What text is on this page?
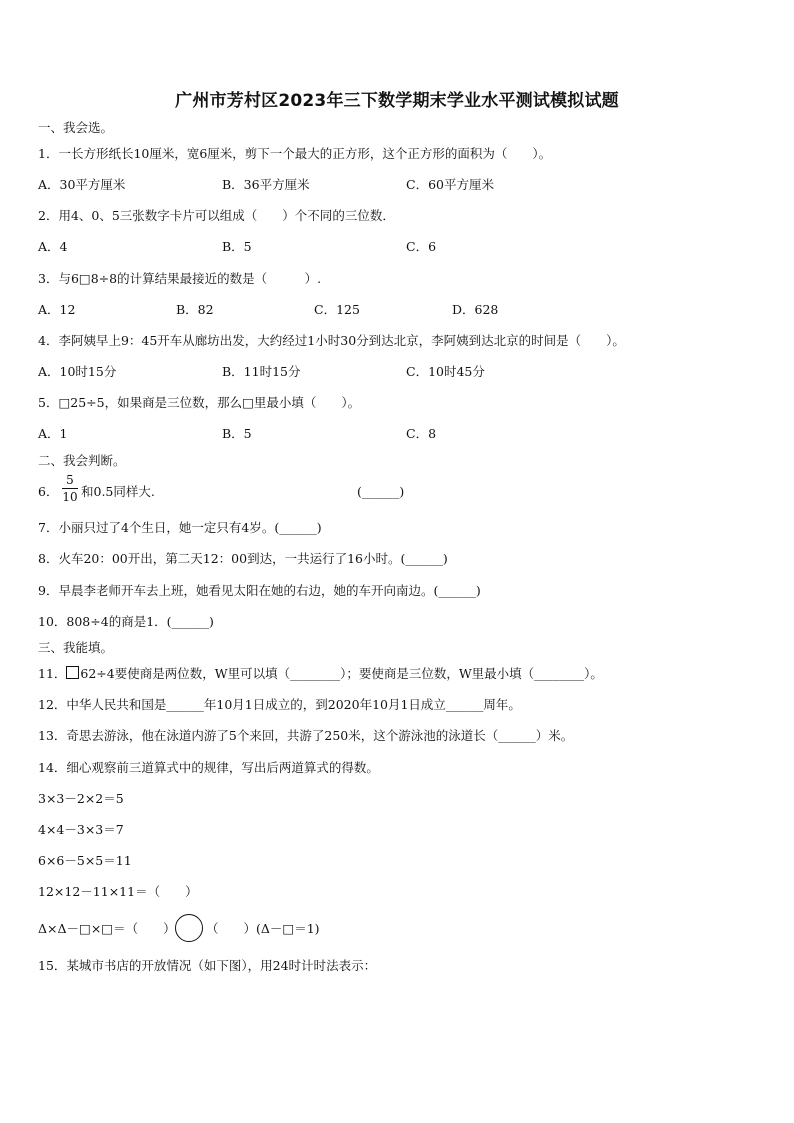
广州市芳村区2023年三下数学期末学业水平测试模拟试题
一、我会选。
1．一长方形纸长10厘米，宽6厘米，剪下一个最大的正方形，这个正方形的面积为（　　）。
A．30平方厘米	B．36平方厘米	C．60平方厘米
2．用4、0、5三张数字卡片可以组成（　　）个不同的三位数．
A．4	B．5	C．6
3．与6□8÷8的计算结果最接近的数是（　　　）.
A．12	B．82	C．125	D．628
4．李阿姨早上9：45开车从廊坊出发，大约经过1小时30分到达北京，李阿姨到达北京的时间是（　　）。
A．10时15分	B．11时15分	C．10时45分
5．□25÷5，如果商是三位数，那么□里最小填（　　）。
A．1	B．5	C．8
二、我会判断。
6．
5
10 和0.5同样大.	(______)
7．小丽只过了4个生日，她一定只有4岁。(______)
8．火车20：00开出，第二天12：00到达，一共运行了16小时。(______)
9．早晨李老师开车去上班，她看见太阳在她的右边，她的车开向南边。(______)
10．808÷4的商是1．(______)
三、我能填。
11． 62÷4要使商是两位数，W里可以填（________）；要使商是三位数，W里最小填（________）。
12．中华人民共和国是______年10月1日成立的，到2020年10月1日成立______周年。
13．奇思去游泳，他在泳道内游了5个来回，共游了250米，这个游泳池的泳道长（______）米。
14．细心观察前三道算式中的规律，写出后两道算式的得数。
3×3－2×2＝5
4×4－3×3＝7
6×6－5×5＝11
12×12－11×11＝（　　）
Δ×Δ－□×□＝（　　） （　　）(Δ－□＝1)
15．某城市书店的开放情况（如下图），用24时计时法表示：
